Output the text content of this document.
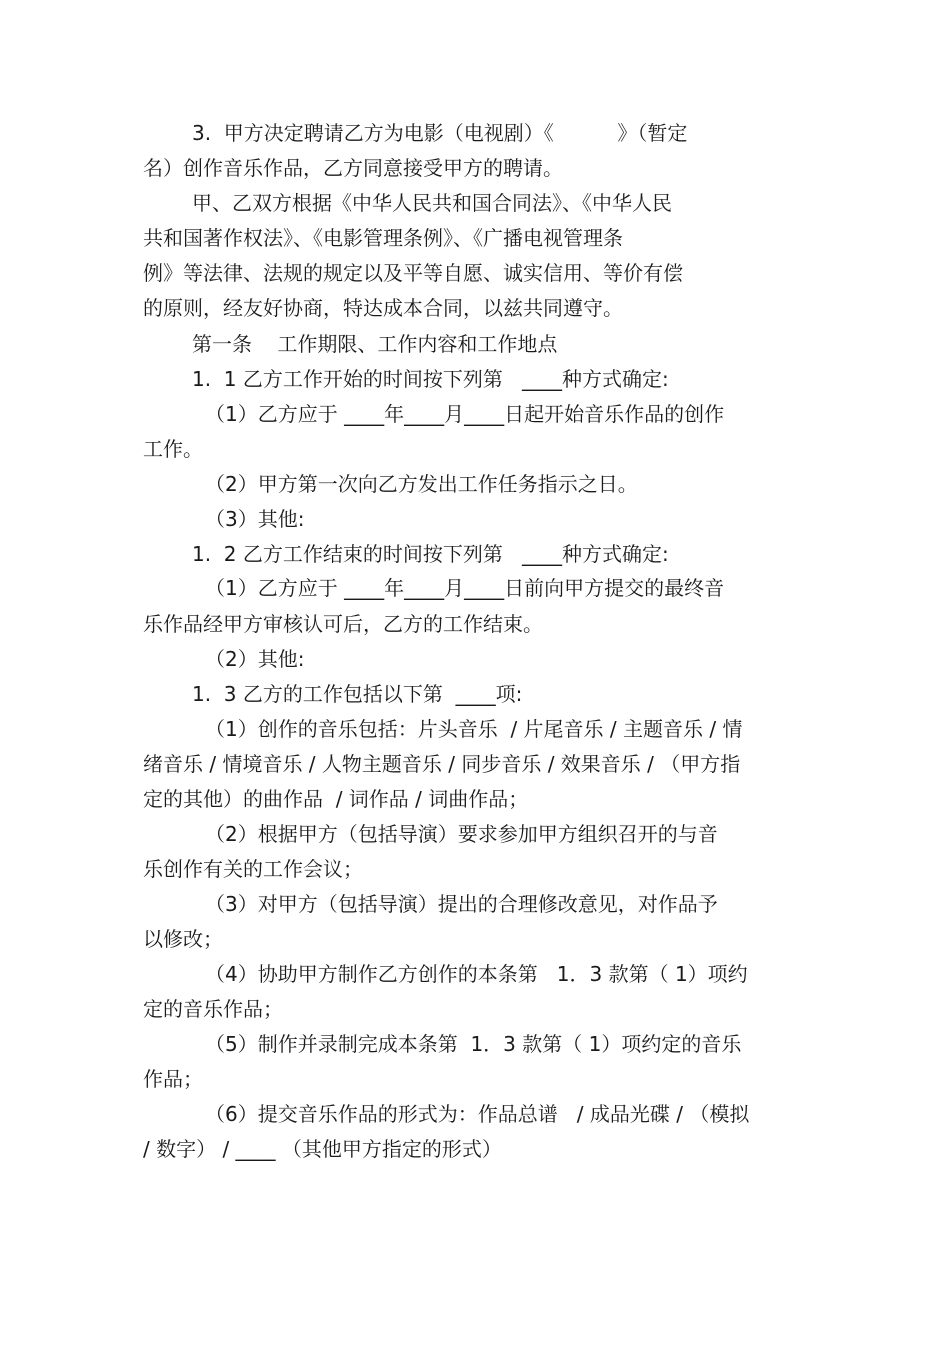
3.  甲方决定聘请乙方为电影（电视剧）《          》（暂定

名）创作音乐作品，乙方同意接受甲方的聘请。

甲、乙双方根据《中华人民共和国合同法》、《中华人民

共和国著作权法》、《电影管理条例》、《广播电视管理条

例》等法律、法规的规定以及平等自愿、诚实信用、等价有偿

的原则，经友好协商，特达成本合同，以兹共同遵守。

第一条    工作期限、工作内容和工作地点

1.  1 乙方工作开始的时间按下列第   ____种方式确定:

（1）乙方应于 ____年____月____日起开始音乐作品的创作

工作。

（2）甲方第一次向乙方发出工作任务指示之日。

（3）其他:

1.  2 乙方工作结束的时间按下列第   ____种方式确定:

（1）乙方应于 ____年____月____日前向甲方提交的最终音

乐作品经甲方审核认可后，乙方的工作结束。

（2）其他:

1.  3 乙方的工作包括以下第  ____项:

（1）创作的音乐包括：片头音乐  / 片尾音乐 / 主题音乐 / 情

绪音乐 / 情境音乐 / 人物主题音乐 / 同步音乐 / 效果音乐 / （甲方指

定的其他）的曲作品  / 词作品 / 词曲作品；

（2）根据甲方（包括导演）要求参加甲方组织召开的与音

乐创作有关的工作会议；

（3）对甲方（包括导演）提出的合理修改意见，对作品予

以修改；

（4）协助甲方制作乙方创作的本条第   1．3 款第（ 1）项约

定的音乐作品；

（5）制作并录制完成本条第  1．3 款第（ 1）项约定的音乐

作品；

（6）提交音乐作品的形式为：作品总谱   / 成品光碟 / （模拟

/ 数字） / ____ （其他甲方指定的形式）
